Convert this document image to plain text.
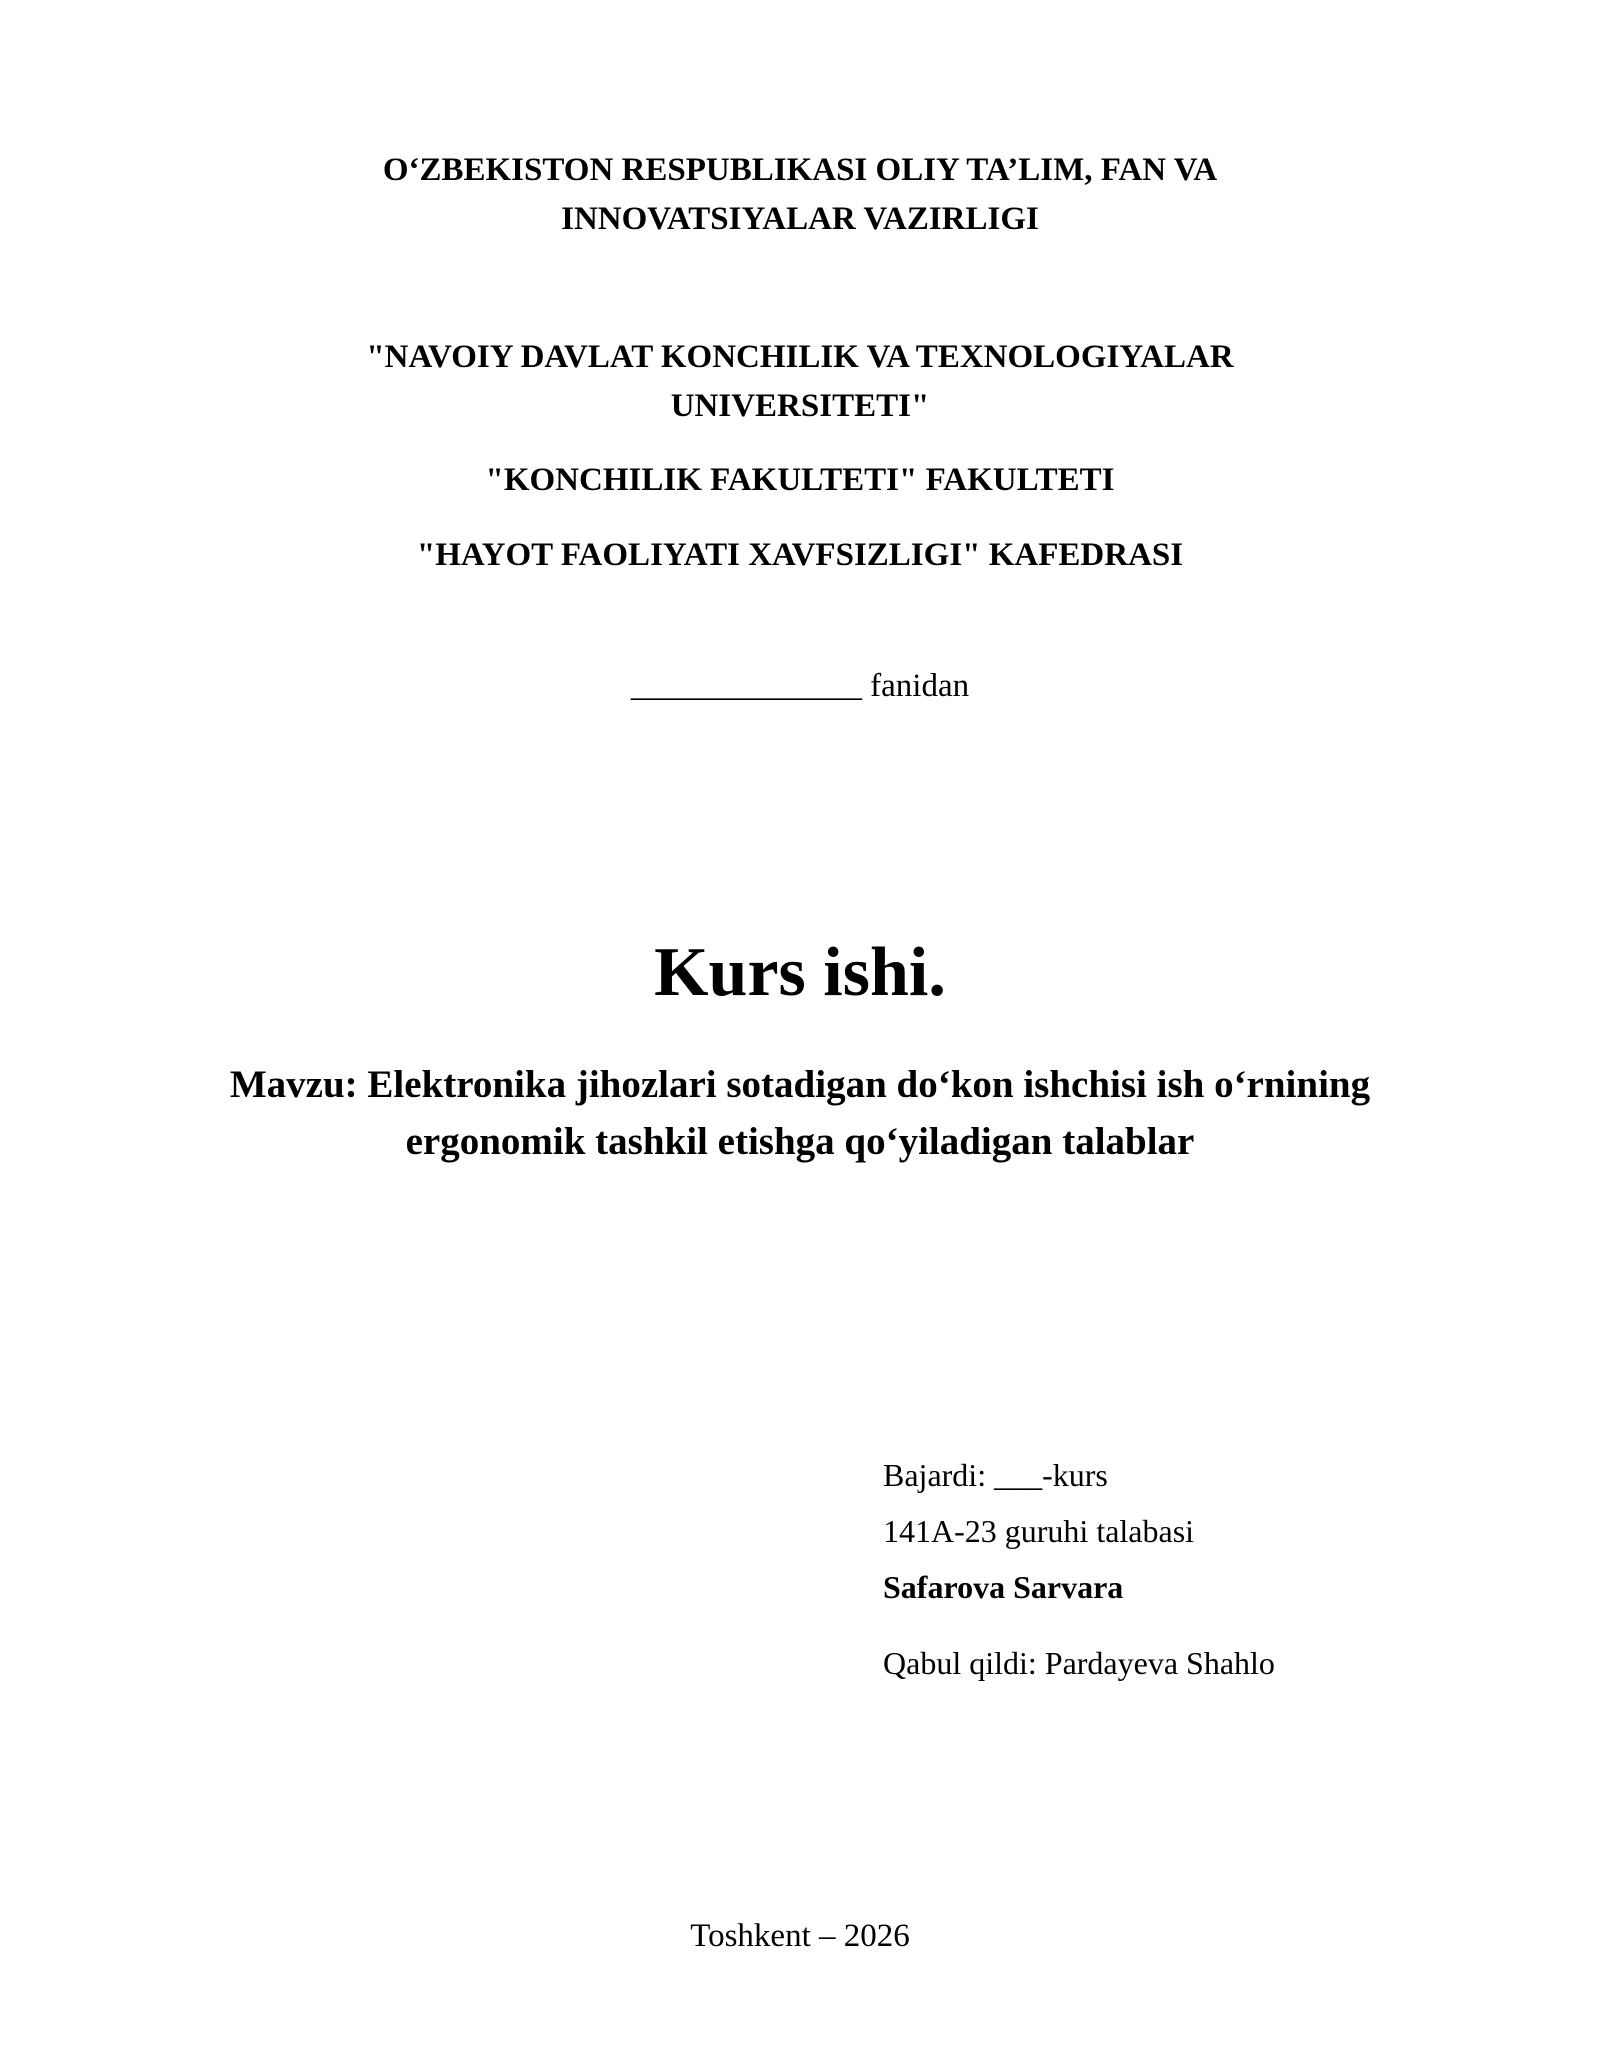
O‘ZBEKISTON RESPUBLIKASI OLIY TA’LIM, FAN VA
INNOVATSIYALAR VAZIRLIGI
"NAVOIY DAVLAT KONCHILIK VA TEXNOLOGIYALAR
UNIVERSITETI"
"KONCHILIK FAKULTETI" FAKULTETI
"HAYOT FAOLIYATI XAVFSIZLIGI" KAFEDRASI
______________ fanidan
Kurs ishi.
Mavzu: Elektronika jihozlari sotadigan do‘kon ishchisi ish o‘rnining
ergonomik tashkil etishga qo‘yiladigan talablar
Bajardi: ___-kurs
141A-23 guruhi talabasi
Safarova Sarvara
Qabul qildi: Pardayeva Shahlo
Toshkent – 2026
